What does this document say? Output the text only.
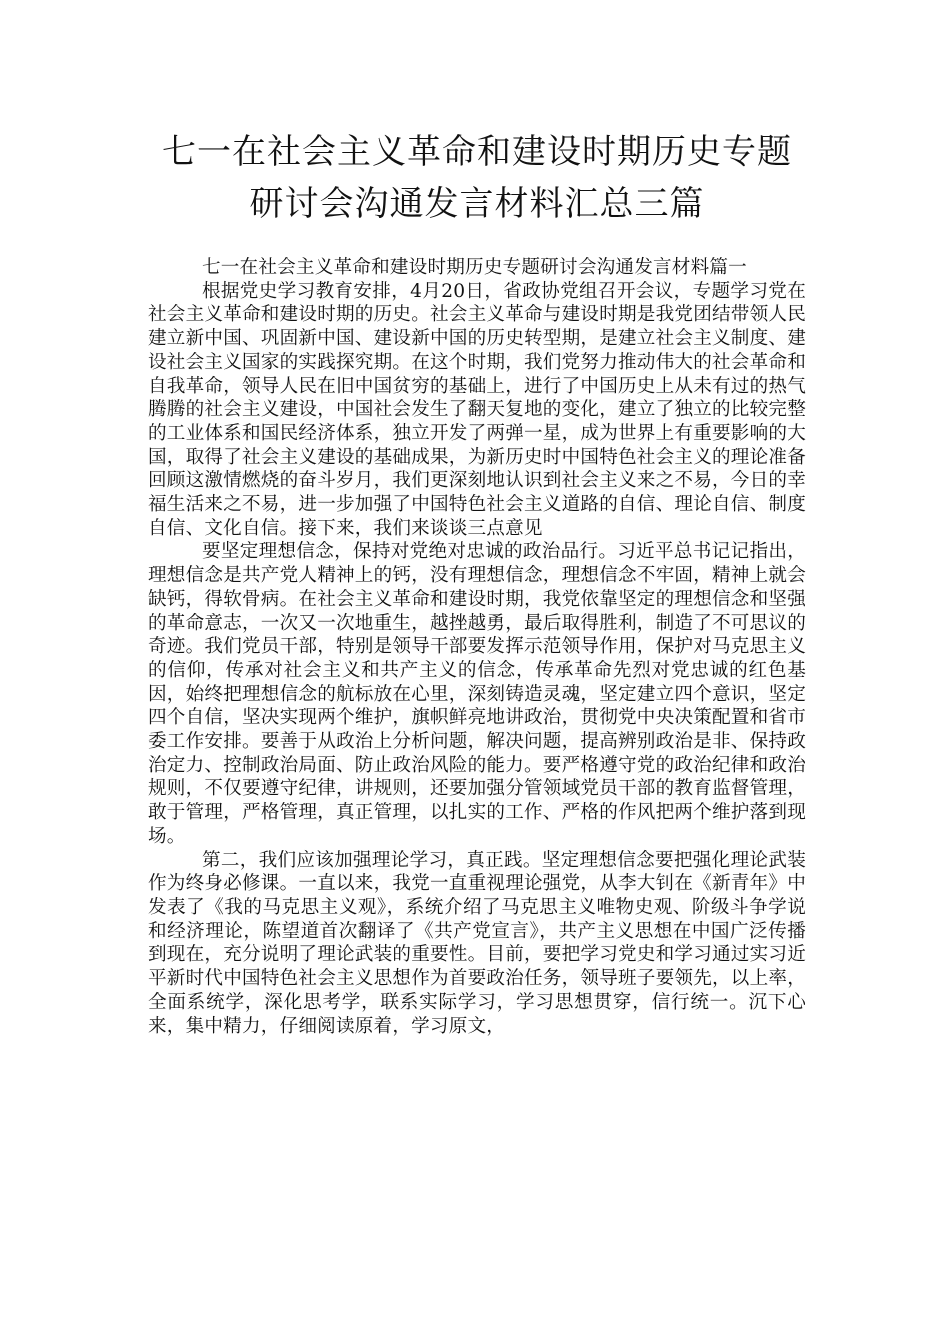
七一在社会主义革命和建设时期历史专题
研讨会沟通发言材料汇总三篇

七一在社会主义革命和建设时期历史专题研讨会沟通发言材料篇一

根据党史学习教育安排，4月20日，省政协党组召开会议，专题学习党在社会主义革命和建设时期的历史。社会主义革命与建设时期是我党团结带领人民建立新中国、巩固新中国、建设新中国的历史转型期，是建立社会主义制度、建设社会主义国家的实践探究期。在这个时期，我们党努力推动伟大的社会革命和自我革命，领导人民在旧中国贫穷的基础上，进行了中国历史上从未有过的热气腾腾的社会主义建设，中国社会发生了翻天复地的变化，建立了独立的比较完整的工业体系和国民经济体系，独立开发了两弹一星，成为世界上有重要影响的大国，取得了社会主义建设的基础成果，为新历史时中国特色社会主义的理论准备回顾这激情燃烧的奋斗岁月，我们更深刻地认识到社会主义来之不易，今日的幸福生活来之不易，进一步加强了中国特色社会主义道路的自信、理论自信、制度自信、文化自信。接下来，我们来谈谈三点意见

要坚定理想信念，保持对党绝对忠诚的政治品行。习近平总书记记指出，理想信念是共产党人精神上的钙，没有理想信念，理想信念不牢固，精神上就会缺钙，得软骨病。在社会主义革命和建设时期，我党依靠坚定的理想信念和坚强的革命意志，一次又一次地重生，越挫越勇，最后取得胜利，制造了不可思议的奇迹。我们党员干部，特别是领导干部要发挥示范领导作用，保护对马克思主义的信仰，传承对社会主义和共产主义的信念，传承革命先烈对党忠诚的红色基因，始终把理想信念的航标放在心里，深刻铸造灵魂，坚定建立四个意识，坚定四个自信，坚决实现两个维护，旗帜鲜亮地讲政治，贯彻党中央决策配置和省市委工作安排。要善于从政治上分析问题，解决问题，提高辨别政治是非、保持政治定力、控制政治局面、防止政治风险的能力。要严格遵守党的政治纪律和政治规则，不仅要遵守纪律，讲规则，还要加强分管领域党员干部的教育监督管理，敢于管理，严格管理，真正管理，以扎实的工作、严格的作风把两个维护落到现场。

第二，我们应该加强理论学习，真正践。坚定理想信念要把强化理论武装作为终身必修课。一直以来，我党一直重视理论强党，从李大钊在《新青年》中发表了《我的马克思主义观》，系统介绍了马克思主义唯物史观、阶级斗争学说和经济理论，陈望道首次翻译了《共产党宣言》，共产主义思想在中国广泛传播到现在，充分说明了理论武装的重要性。目前，要把学习党史和学习通过实习近平新时代中国特色社会主义思想作为首要政治任务，领导班子要领先，以上率，全面系统学，深化思考学，联系实际学习，学习思想贯穿，信行统一。沉下心来，集中精力，仔细阅读原着，学习原文，
